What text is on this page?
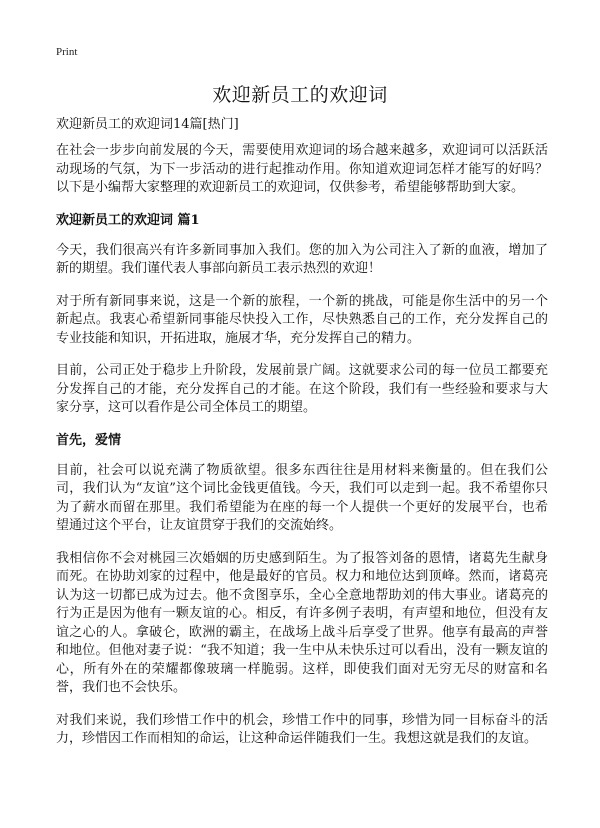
Print
欢迎新员工的欢迎词
欢迎新员工的欢迎词14篇[热门]

在社会一步步向前发展的今天，需要使用欢迎词的场合越来越多，欢迎词可以活跃活动现场的气氛，为下一步活动的进行起推动作用。你知道欢迎词怎样才能写的好吗？以下是小编帮大家整理的欢迎新员工的欢迎词，仅供参考，希望能够帮助到大家。

欢迎新员工的欢迎词 篇1

今天，我们很高兴有许多新同事加入我们。您的加入为公司注入了新的血液，增加了新的期望。我们谨代表人事部向新员工表示热烈的欢迎！

对于所有新同事来说，这是一个新的旅程，一个新的挑战，可能是你生活中的另一个新起点。我衷心希望新同事能尽快投入工作，尽快熟悉自己的工作，充分发挥自己的专业技能和知识，开拓进取，施展才华，充分发挥自己的精力。

目前，公司正处于稳步上升阶段，发展前景广阔。这就要求公司的每一位员工都要充分发挥自己的才能，充分发挥自己的才能。在这个阶段，我们有一些经验和要求与大家分享，这可以看作是公司全体员工的期望。

首先，爱情

目前，社会可以说充满了物质欲望。很多东西往往是用材料来衡量的。但在我们公司，我们认为“友谊”这个词比金钱更值钱。今天，我们可以走到一起。我不希望你只为了薪水而留在那里。我们希望能为在座的每一个人提供一个更好的发展平台，也希望通过这个平台，让友谊贯穿于我们的交流始终。

我相信你不会对桃园三次婚姻的历史感到陌生。为了报答刘备的恩情，诸葛先生献身而死。在协助刘家的过程中，他是最好的官员。权力和地位达到顶峰。然而，诸葛亮认为这一切都已成为过去。他不贪图享乐，全心全意地帮助刘的伟大事业。诸葛亮的行为正是因为他有一颗友谊的心。相反，有许多例子表明，有声望和地位，但没有友谊之心的人。拿破仑，欧洲的霸主，在战场上战斗后享受了世界。他享有最高的声誉和地位。但他对妻子说：“我不知道；我一生中从未快乐过可以看出，没有一颗友谊的心，所有外在的荣耀都像玻璃一样脆弱。这样，即使我们面对无穷无尽的财富和名誉，我们也不会快乐。

对我们来说，我们珍惜工作中的机会，珍惜工作中的同事，珍惜为同一目标奋斗的活力，珍惜因工作而相知的命运，让这种命运伴随我们一生。我想这就是我们的友谊。
